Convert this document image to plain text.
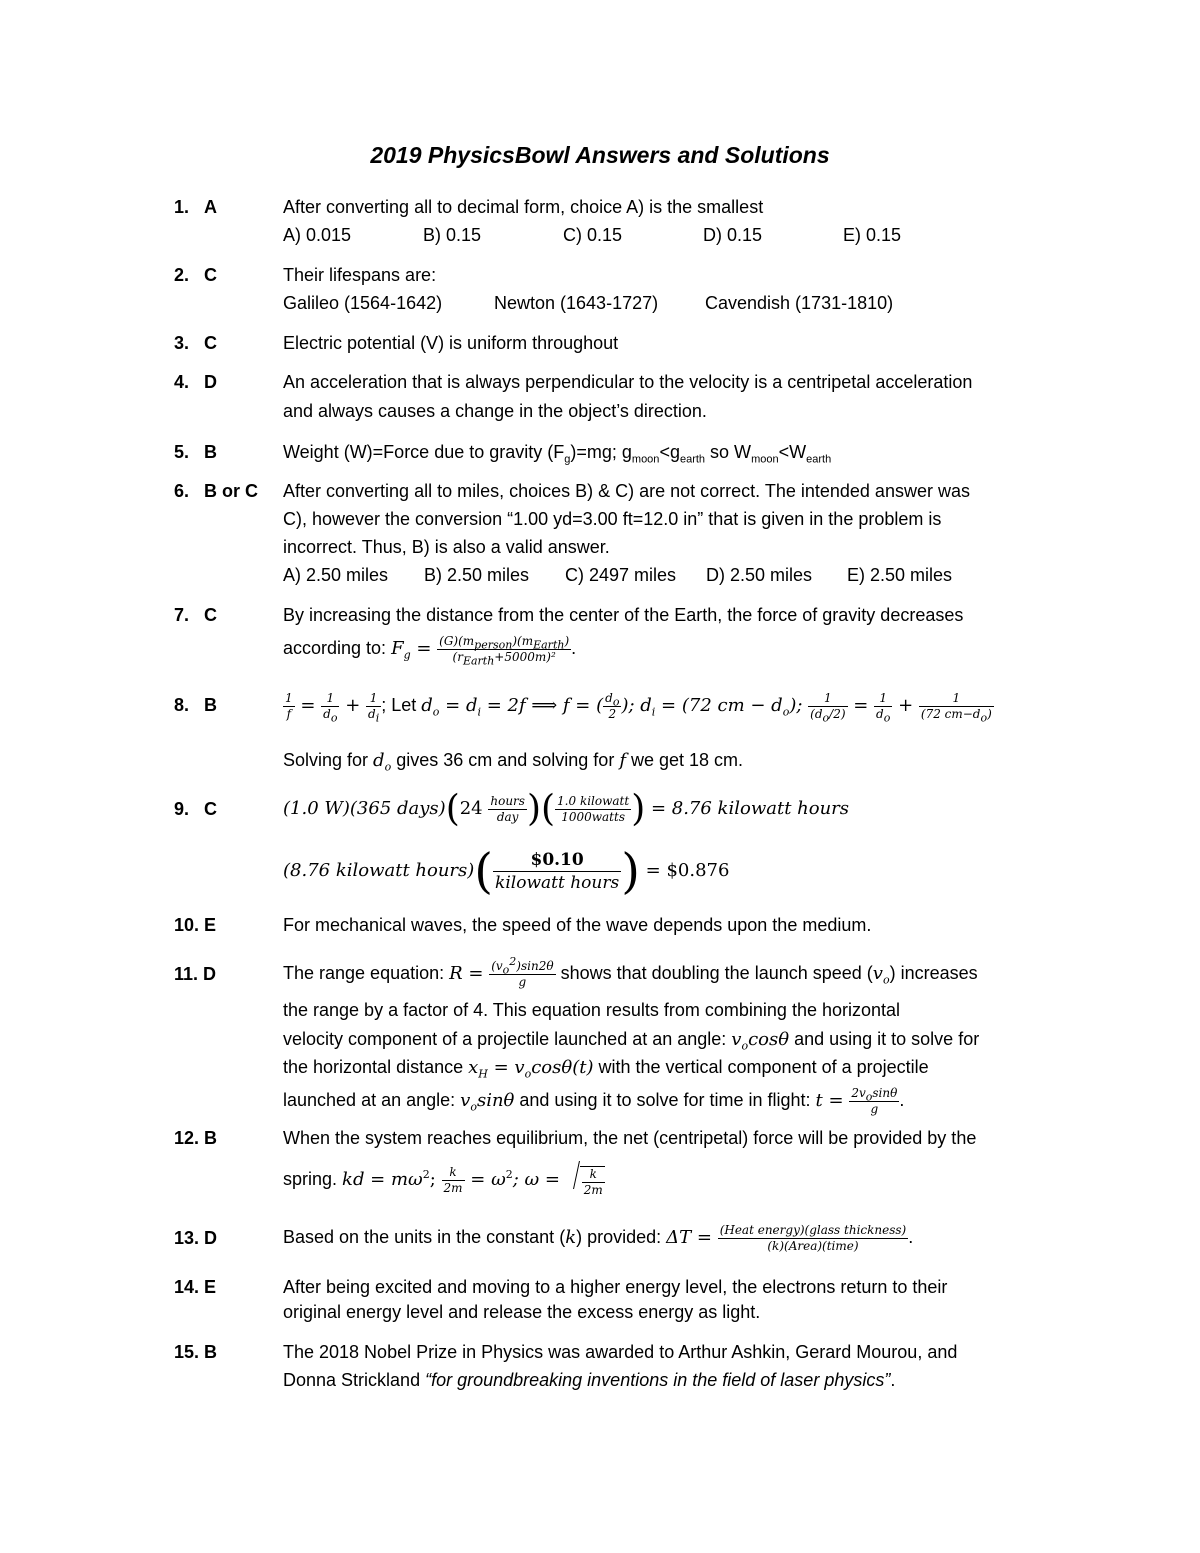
2019 PhysicsBowl Answers and Solutions
1. A	After converting all to decimal form, choice A) is the smallest
A) 0.015	B) 0.15	C) 0.15	D) 0.15	E) 0.15
2. C	Their lifespans are:
Galileo (1564-1642)	Newton (1643-1727)	Cavendish (1731-1810)
3. C	Electric potential (V) is uniform throughout
4. D	An acceleration that is always perpendicular to the velocity is a centripetal acceleration
and always causes a change in the object’s direction.
5. B	Weight (W)=Force due to gravity $(F_g)=mg$; $g_{moon}<g_{earth}$ so $W_{moon}<W_{earth}$
6. B or C After converting all to miles, choices B) & C) are not correct. The intended answer was
C), however the conversion “1.00 yd=3.00 ft=12.0 in” that is given in the problem is
incorrect. Thus, B) is also a valid answer.
A) 2.50 miles B) 2.50 miles C) 2497 miles D) 2.50 miles E) 2.50 miles
7. C	By increasing the distance from the center of the Earth, the force of gravity decreases
according to: $F_g = \frac{(G)(m_{person})(m_{Earth})}{(r_{Earth}+5000m)^2}$ .
8. B	$\frac{1}{f} = \frac{1}{d_o} + \frac{1}{d_i}$ ; Let $d_o = d_i = 2f$ ⟹ f = ( $\frac{d_o}{2}$ ); $d_i = (72$ cm − $d_o$); $\frac{1}{(d_o/2)} = \frac{1}{d_o} + \frac{1}{(72 cm-d_o)}$
Solving for $d_o$ gives 36 cm and solving for f we get 18 cm.
9. C	(1.0 W)(365 days)(24 $\frac{\text{hours}}{\text{day}}$ )( $\frac{\text{1.0 kilowatt}}{\text{1000watts}}$ ) = 8.76 kilowatt hours
(8.76 kilowatt hours)( $\frac{\$0.10}{\text{kilowatt hours}}$ ) = $0.876
10. E	For mechanical waves, the speed of the wave depends upon the medium.
11. D	The range equation: $R = \frac{(v_o^2)\sin 2\theta}{g}$ shows that doubling the launch speed $(v_o)$ increases
the range by a factor of 4. This equation results from combining the horizontal
velocity component of a projectile launched at an angle: $v_o\cos\theta$ and using it to solve for
the horizontal distance $x_H = v_o\cos\theta(t)$ with the vertical component of a projectile
launched at an angle: $v_o\sin\theta$ and using it to solve for time in flight: $t = \frac{2v_o\sin\theta}{g}$ .
12. B	When the system reaches equilibrium, the net (centripetal) force will be provided by the
spring. kd = $m\omega^2$; $\frac{k}{2m} = \omega^2$; $\omega = \frac{k}{2m}$
13. D	Based on the units in the constant (k) provided: $\Delta T = \frac{\text{(Heat energy)(glass thickness)}}{\text{(k)(Area)(time)}}$ .
14. E	After being excited and moving to a higher energy level, the electrons return to their
original energy level and release the excess energy as light.
15. B	The 2018 Nobel Prize in Physics was awarded to Arthur Ashkin, Gerard Mourou, and
Donna Strickland “for groundbreaking inventions in the field of laser physics”.
